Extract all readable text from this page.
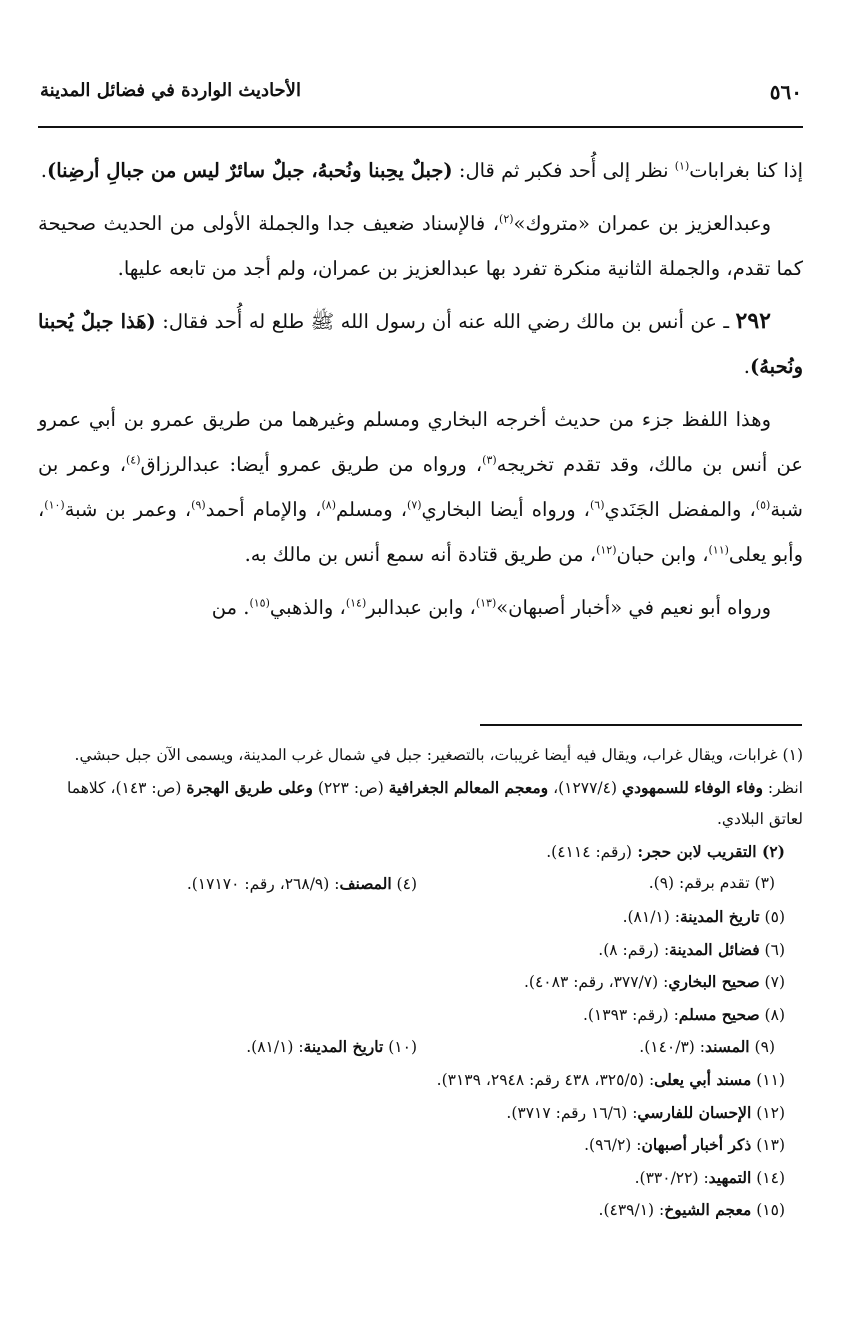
٥٦٠
الأحاديث الواردة في فضائل المدينة

إذا كنا بغرابات$^{(١)}$ نظر إلى أُحد فكبر ثم قال: (جبلٌ يحِبنا ونُحبهُ، جبلٌ سائرٌ ليس من جبالِ أرضِنا).

وعبدالعزيز بن عمران «متروك»$^{(٢)}$، فالإسناد ضعيف جدا والجملة الأولى من الحديث صحيحة كما تقدم، والجملة الثانية منكرة تفرد بها عبدالعزيز بن عمران، ولم أجد من تابعه عليها.

٢٩٢ ـ عن أنس بن مالك رضي الله عنه أن رسول الله ﷺ طلع له أُحد فقال: (هَذا جبلٌ يُحبنا ونُحبهُ).

وهذا اللفظ جزء من حديث أخرجه البخاري ومسلم وغيرهما من طريق عمرو بن أبي عمرو عن أنس بن مالك، وقد تقدم تخريجه$^{(٣)}$، ورواه من طريق عمرو أيضا: عبدالرزاق$^{(٤)}$، وعمر بن شبة$^{(٥)}$، والمفضل الجَنَدي$^{(٦)}$، ورواه أيضا البخاري$^{(٧)}$، ومسلم$^{(٨)}$، والإمام أحمد$^{(٩)}$، وعمر بن شبة$^{(١٠)}$، وأبو يعلى$^{(١١)}$، وابن حبان$^{(١٢)}$، من طريق قتادة أنه سمع أنس بن مالك به.

ورواه أبو نعيم في «أخبار أصبهان»$^{(١٣)}$، وابن عبدالبر$^{(١٤)}$، والذهبي$^{(١٥)}$. من

(١) غرابات، ويقال غراب، ويقال فيه أيضا غريبات، بالتصغير: جبل في شمال غرب المدينة، ويسمى الآن جبل حبشي. انظر: وفاء الوفاء للسمهودي (١٢٧٧/٤)، ومعجم المعالم الجغرافية (ص: ٢٢٣) وعلى طريق الهجرة (ص: ١٤٣)، كلاهما لعاتق البلادي.

(٢) التقريب لابن حجر: (رقم: ٤١١٤).

(٣) تقدم برقم: (٩).
(٤) المصنف: (٢٦٨/٩، رقم: ١٧١٧٠).

(٥) تاريخ المدينة: (٨١/١).

(٦) فضائل المدينة: (رقم: ٨).

(٧) صحيح البخاري: (٣٧٧/٧، رقم: ٤٠٨٣).

(٨) صحيح مسلم: (رقم: ١٣٩٣).

(٩) المسند: (١٤٠/٣).
(١٠) تاريخ المدينة: (٨١/١).

(١١) مسند أبي يعلى: (٣٢٥/٥، ٤٣٨ رقم: ٢٩٤٨، ٣١٣٩).

(١٢) الإحسان للفارسي: (١٦/٦ رقم: ٣٧١٧).

(١٣) ذكر أخبار أصبهان: (٩٦/٢).

(١٤) التمهيد: (٣٣٠/٢٢).

(١٥) معجم الشيوخ: (٤٣٩/١).
